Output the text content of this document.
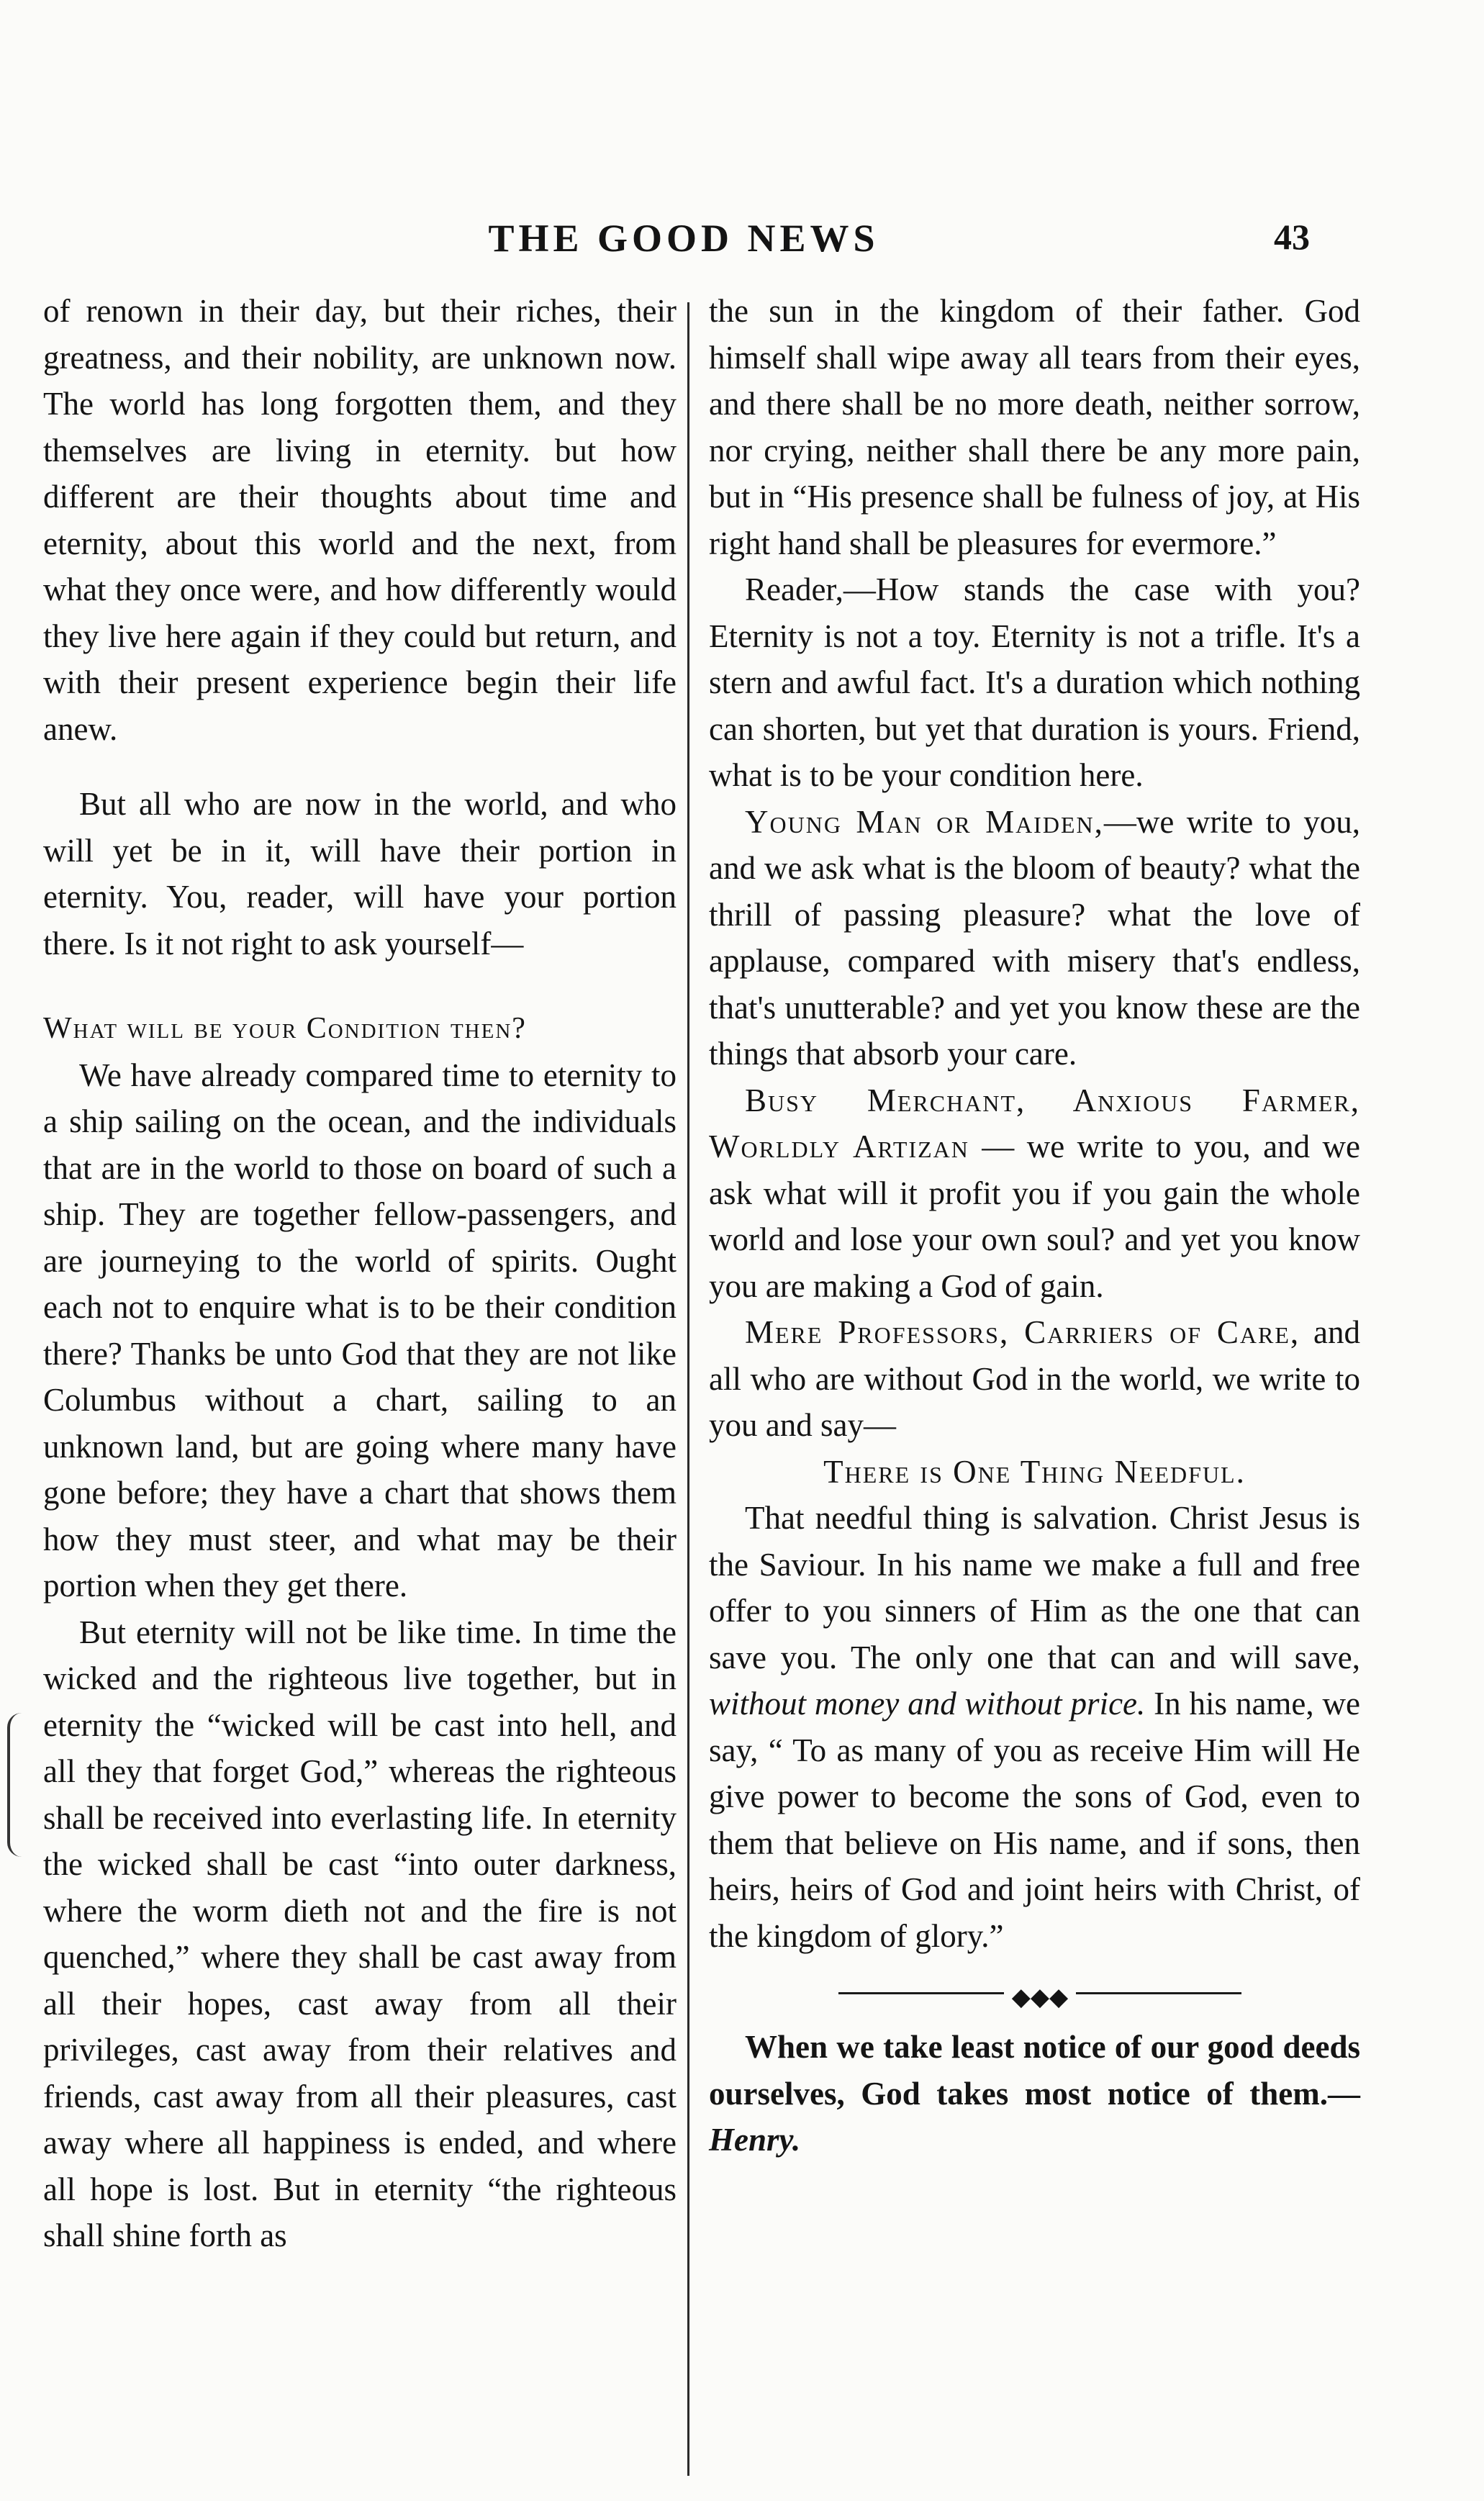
THE GOOD NEWS	43

of renown in their day, but their riches, their greatness, and their nobility, are unknown now. The world has long forgotten them, and they themselves are living in eternity. but how different are their thoughts about time and eternity, about this world and the next, from what they once were, and how differently would they live here again if they could but return, and with their present experience begin their life anew.

But all who are now in the world, and who will yet be in it, will have their portion in eternity. You, reader, will have your portion there. Is it not right to ask yourself—

What will be your Condition then?

We have already compared time to eternity to a ship sailing on the ocean, and the individuals that are in the world to those on board of such a ship. They are together fellow-passengers, and are journeying to the world of spirits. Ought each not to enquire what is to be their condition there? Thanks be unto God that they are not like Columbus without a chart, sailing to an unknown land, but are going where many have gone before; they have a chart that shows them how they must steer, and what may be their portion when they get there.

But eternity will not be like time. In time the wicked and the righteous live together, but in eternity the “wicked will be cast into hell, and all they that forget God,” whereas the righteous shall be received into everlasting life. In eternity the wicked shall be cast “into outer darkness, where the worm dieth not and the fire is not quenched,” where they shall be cast away from all their hopes, cast away from all their privileges, cast away from their relatives and friends, cast away from all their pleasures, cast away where all happiness is ended, and where all hope is lost. But in eternity “the righteous shall shine forth as

the sun in the kingdom of their father. God himself shall wipe away all tears from their eyes, and there shall be no more death, neither sorrow, nor crying, neither shall there be any more pain, but in “His presence shall be fulness of joy, at His right hand shall be pleasures for evermore.”

Reader,—How stands the case with you? Eternity is not a toy. Eternity is not a trifle. It's a stern and awful fact. It's a duration which nothing can shorten, but yet that duration is yours. Friend, what is to be your condition here.

Young Man or Maiden,—we write to you, and we ask what is the bloom of beauty? what the thrill of passing pleasure? what the love of applause, compared with misery that's endless, that's unutterable? and yet you know these are the things that absorb your care.

Busy Merchant, Anxious Farmer, Worldly Artizan — we write to you, and we ask what will it profit you if you gain the whole world and lose your own soul? and yet you know you are making a God of gain.

Mere Professors, Carriers of Care, and all who are without God in the world, we write to you and say—

There is One Thing Needful.

That needful thing is salvation. Christ Jesus is the Saviour. In his name we make a full and free offer to you sinners of Him as the one that can save you. The only one that can and will save, without money and without price. In his name, we say, “ To as many of you as receive Him will He give power to become the sons of God, even to them that believe on His name, and if sons, then heirs, heirs of God and joint heirs with Christ, of the kingdom of glory.”

◆◆◆

When we take least notice of our good deeds ourselves, God takes most notice of them.—Henry.
